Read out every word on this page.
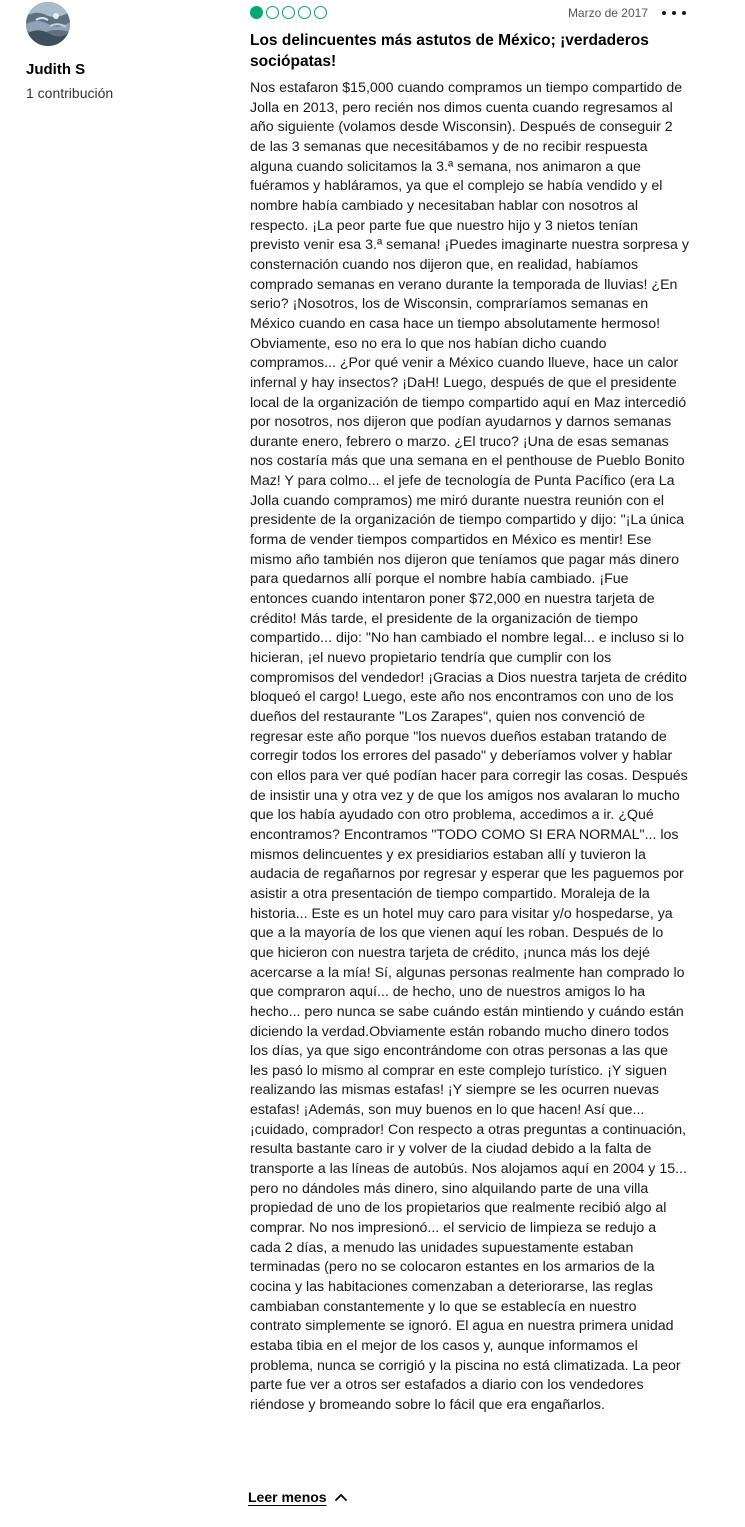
Judith S
1 contribución
Marzo de 2017
Los delincuentes más astutos de México; ¡verdaderos sociópatas!

Nos estafaron $15,000 cuando compramos un tiempo compartido de Jolla en 2013, pero recién nos dimos cuenta cuando regresamos al año siguiente (volamos desde Wisconsin). Después de conseguir 2 de las 3 semanas que necesitábamos y de no recibir respuesta alguna cuando solicitamos la 3.ª semana, nos animaron a que fuéramos y habláramos, ya que el complejo se había vendido y el nombre había cambiado y necesitaban hablar con nosotros al respecto. ¡La peor parte fue que nuestro hijo y 3 nietos tenían previsto venir esa 3.ª semana! ¡Puedes imaginarte nuestra sorpresa y consternación cuando nos dijeron que, en realidad, habíamos comprado semanas en verano durante la temporada de lluvias! ¿En serio? ¡Nosotros, los de Wisconsin, compraríamos semanas en México cuando en casa hace un tiempo absolutamente hermoso! Obviamente, eso no era lo que nos habían dicho cuando compramos... ¿Por qué venir a México cuando llueve, hace un calor infernal y hay insectos? ¡DaH! Luego, después de que el presidente local de la organización de tiempo compartido aquí en Maz intercedió por nosotros, nos dijeron que podían ayudarnos y darnos semanas durante enero, febrero o marzo. ¿El truco? ¡Una de esas semanas nos costaría más que una semana en el penthouse de Pueblo Bonito Maz! Y para colmo... el jefe de tecnología de Punta Pacífico (era La Jolla cuando compramos) me miró durante nuestra reunión con el presidente de la organización de tiempo compartido y dijo: "¡La única forma de vender tiempos compartidos en México es mentir! Ese mismo año también nos dijeron que teníamos que pagar más dinero para quedarnos allí porque el nombre había cambiado. ¡Fue entonces cuando intentaron poner $72,000 en nuestra tarjeta de crédito! Más tarde, el presidente de la organización de tiempo compartido... dijo: "No han cambiado el nombre legal... e incluso si lo hicieran, ¡el nuevo propietario tendría que cumplir con los compromisos del vendedor! ¡Gracias a Dios nuestra tarjeta de crédito bloqueó el cargo! Luego, este año nos encontramos con uno de los dueños del restaurante "Los Zarapes", quien nos convenció de regresar este año porque "los nuevos dueños estaban tratando de corregir todos los errores del pasado" y deberíamos volver y hablar con ellos para ver qué podían hacer para corregir las cosas. Después de insistir una y otra vez y de que los amigos nos avalaran lo mucho que los había ayudado con otro problema, accedimos a ir. ¿Qué encontramos? Encontramos "TODO COMO SI ERA NORMAL"... los mismos delincuentes y ex presidiarios estaban allí y tuvieron la audacia de regañarnos por regresar y esperar que les paguemos por asistir a otra presentación de tiempo compartido. Moraleja de la historia... Este es un hotel muy caro para visitar y/o hospedarse, ya que a la mayoría de los que vienen aquí les roban. Después de lo que hicieron con nuestra tarjeta de crédito, ¡nunca más los dejé acercarse a la mía! Sí, algunas personas realmente han comprado lo que compraron aquí... de hecho, uno de nuestros amigos lo ha hecho... pero nunca se sabe cuándo están mintiendo y cuándo están diciendo la verdad.Obviamente están robando mucho dinero todos los días, ya que sigo encontrándome con otras personas a las que les pasó lo mismo al comprar en este complejo turístico. ¡Y siguen realizando las mismas estafas! ¡Y siempre se les ocurren nuevas estafas! ¡Además, son muy buenos en lo que hacen! Así que... ¡cuidado, comprador! Con respecto a otras preguntas a continuación, resulta bastante caro ir y volver de la ciudad debido a la falta de transporte a las líneas de autobús. Nos alojamos aquí en 2004 y 15... pero no dándoles más dinero, sino alquilando parte de una villa propiedad de uno de los propietarios que realmente recibió algo al comprar. No nos impresionó... el servicio de limpieza se redujo a cada 2 días, a menudo las unidades supuestamente estaban terminadas (pero no se colocaron estantes en los armarios de la cocina y las habitaciones comenzaban a deteriorarse, las reglas cambiaban constantemente y lo que se establecía en nuestro contrato simplemente se ignoró. El agua en nuestra primera unidad estaba tibia en el mejor de los casos y, aunque informamos el problema, nunca se corrigió y la piscina no está climatizada. La peor parte fue ver a otros ser estafados a diario con los vendedores riéndose y bromeando sobre lo fácil que era engañarlos.

Leer menos
